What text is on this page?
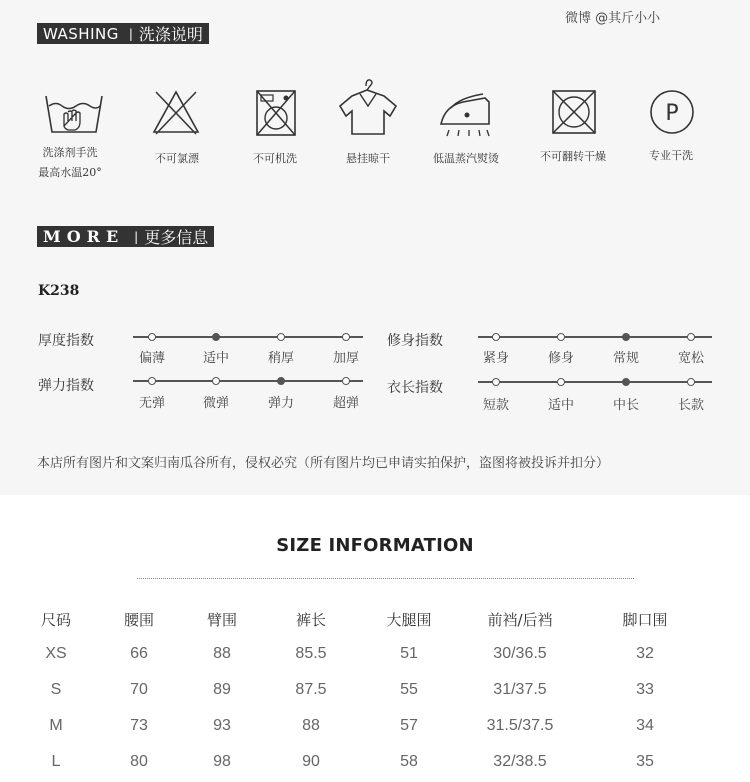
WASHING | 洗涤说明
微博 @其斤小小
P
洗涤剂手洗
最高水温20°
不可氯漂	不可机洗	悬挂晾干	低温蒸汽熨烫	不可翻转干燥	专业干洗
MORE | 更多信息
K238
厚度指数
偏薄	适中	稍厚	加厚
修身指数
紧身	修身	常规	宽松
弹力指数
无弹	微弹	弹力	超弹
衣长指数
短款	适中	中长	长款
本店所有图片和文案归南瓜谷所有，侵权必究（所有图片均已申请实拍保护，盗图将被投诉并扣分）
SIZE INFORMATION
尺码	腰围	臂围	裤长	大腿围	前裆/后裆	脚口围
XS	66	88	85.5	51	30/36.5	32
S	70	89	87.5	55	31/37.5	33
M	73	93	88	57	31.5/37.5	34
L	80	98	90	58	32/38.5	35
